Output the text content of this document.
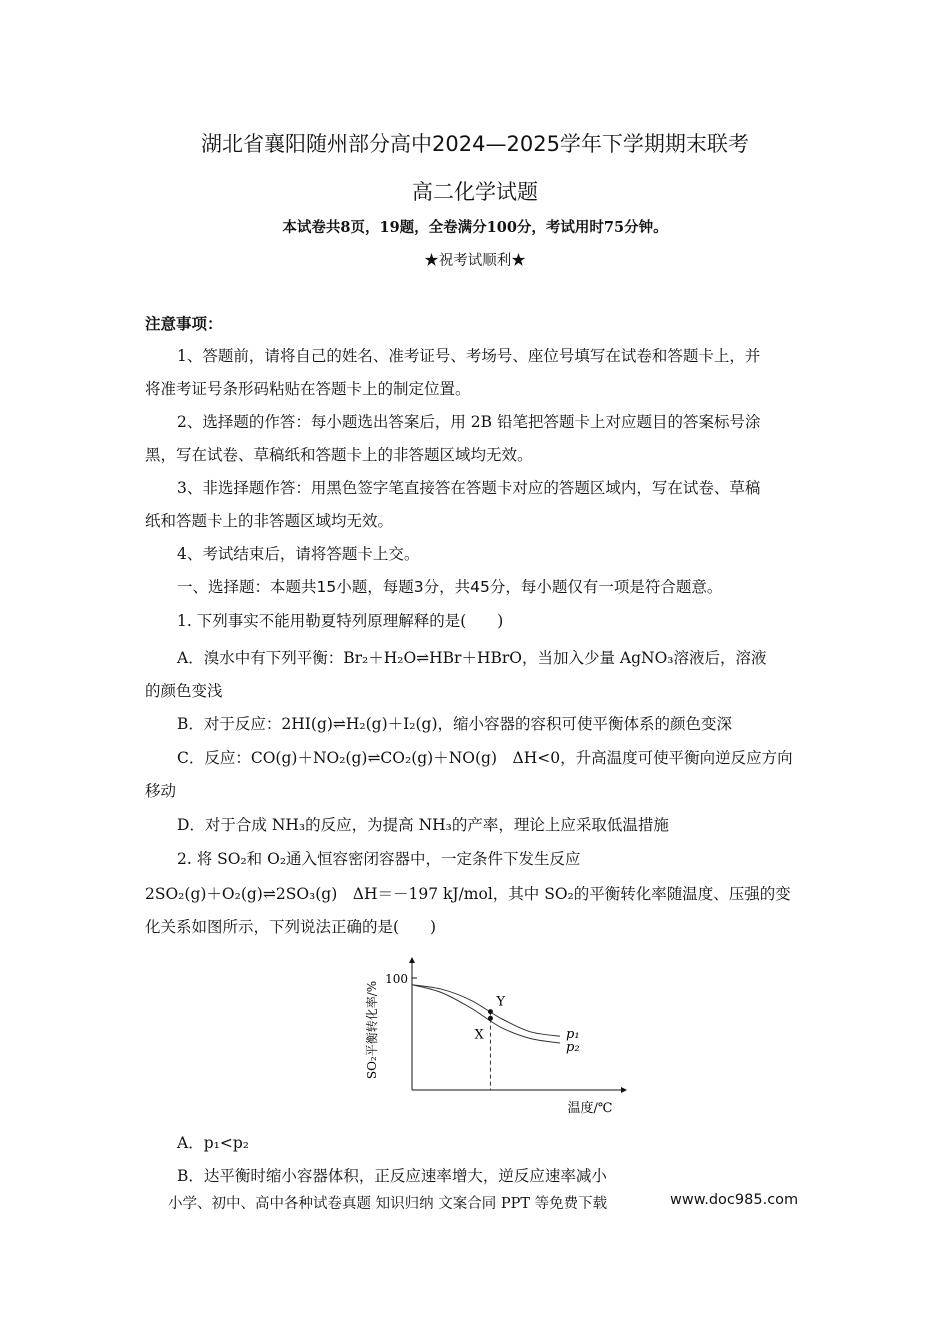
湖北省襄阳随州部分高中2024—2025学年下学期期末联考
高二化学试题
本试卷共8页，19题，全卷满分100分，考试用时75分钟。
★祝考试顺利★
注意事项：
1、答题前，请将自己的姓名、准考证号、考场号、座位号填写在试卷和答题卡上，并
将准考证号条形码粘贴在答题卡上的制定位置。
2、选择题的作答：每小题选出答案后，用 2B 铅笔把答题卡上对应题目的答案标号涂
黑，写在试卷、草稿纸和答题卡上的非答题区域均无效。
3、非选择题作答：用黑色签字笔直接答在答题卡对应的答题区域内，写在试卷、草稿
纸和答题卡上的非答题区域均无效。
4、考试结束后，请将答题卡上交。
一、选择题：本题共15小题，每题3分，共45分，每小题仅有一项是符合题意。
1. 下列事实不能用勒夏特列原理解释的是(　　)
A．溴水中有下列平衡：Br₂＋H₂O⇌HBr＋HBrO，当加入少量 AgNO₃溶液后，溶液
的颜色变浅
B．对于反应：2HI(g)⇌H₂(g)＋I₂(g)，缩小容器的容积可使平衡体系的颜色变深
C．反应：CO(g)＋NO₂(g)⇌CO₂(g)＋NO(g)　ΔH<0，升高温度可使平衡向逆反应方向
移动
D．对于合成 NH₃的反应，为提高 NH₃的产率，理论上应采取低温措施
2. 将 SO₂和 O₂通入恒容密闭容器中，一定条件下发生反应
2SO₂(g)＋O₂(g)⇌2SO₃(g)　ΔH＝－197 kJ/mol，其中 SO₂的平衡转化率随温度、压强的变
化关系如图所示，下列说法正确的是(　　)
100
SO₂平衡转化率/%
温度/℃
Y
X	p₁
p₂
A．p₁<p₂
B．达平衡时缩小容器体积，正反应速率增大，逆反应速率减小
小学、初中、高中各种试卷真题 知识归纳 文案合同 PPT 等免费下载	www.doc985.com
